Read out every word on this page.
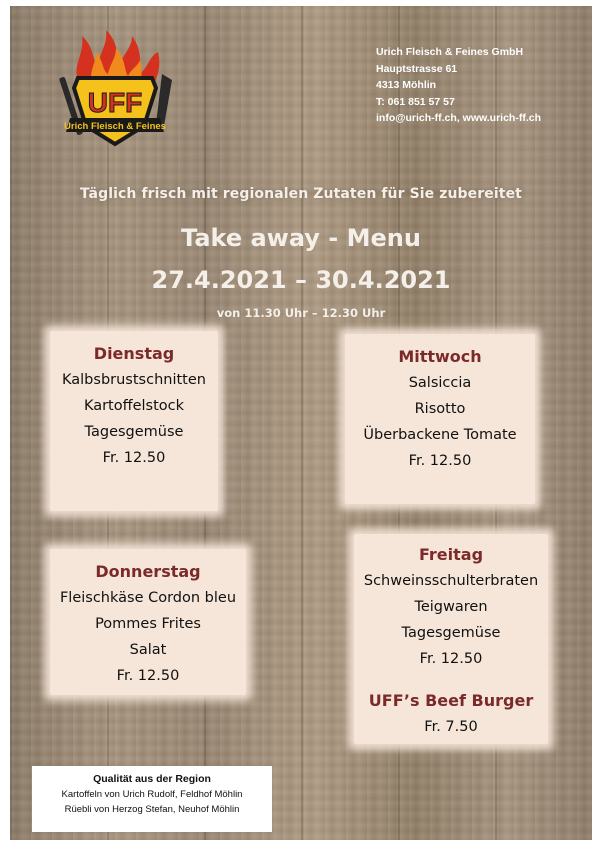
UFF
Urich Fleisch & Feines
Urich Fleisch & Feines GmbH
Hauptstrasse 61
4313 Möhlin
T: 061 851 57 57
info@urich-ff.ch, www.urich-ff.ch
Täglich frisch mit regionalen Zutaten für Sie zubereitet
Take away - Menu
27.4.2021 – 30.4.2021
von 11.30 Uhr – 12.30 Uhr
Dienstag
Kalbsbrustschnitten
Kartoffelstock
Tagesgemüse
Fr. 12.50
Mittwoch
Salsiccia
Risotto
Überbackene Tomate
Fr. 12.50
Donnerstag
Fleischkäse Cordon bleu
Pommes Frites
Salat
Fr. 12.50
Freitag
Schweinsschulterbraten
Teigwaren
Tagesgemüse
Fr. 12.50
UFF’s Beef Burger
Fr. 7.50
Qualität aus der Region
Kartoffeln von Urich Rudolf, Feldhof Möhlin
Rüebli von Herzog Stefan, Neuhof Möhlin
